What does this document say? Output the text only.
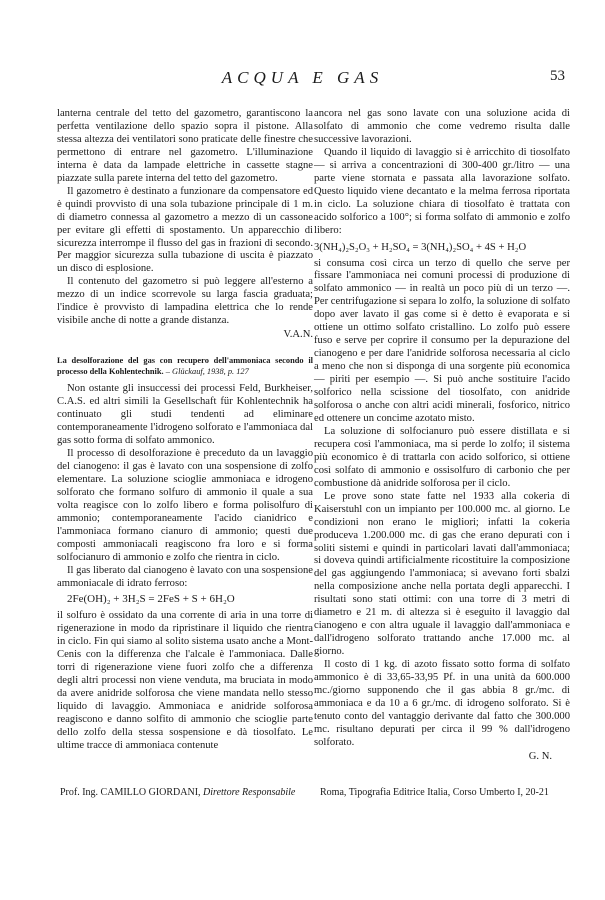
ACQUA E GAS	53

lanterna centrale del tetto del gazometro, garantiscono la perfetta ventilazione dello spazio sopra il pistone. Alla stessa altezza dei ventilatori sono praticate delle finestre che permettono di entrare nel gazometro. L'illuminazione interna è data da lampade elettriche in cassette stagne piazzate sulla parete interna del tetto del gazometro.

Il gazometro è destinato a funzionare da compensatore ed è quindi provvisto di una sola tubazione principale di 1 m. di diametro connessa al gazometro a mezzo di un cassone per evitare gli effetti di spostamento. Un apparecchio di sicurezza interrompe il flusso del gas in frazioni di secondo. Per maggior sicurezza sulla tubazione di uscita è piazzato un disco di esplosione.

Il contenuto del gazometro si può leggere all'esterno a mezzo di un indice scorrevole su larga fascia graduata; l'indice è provvisto di lampadina elettrica che lo rende visibile anche di notte a grande distanza.

V.A.N.
La desolforazione del gas con recupero dell'ammoniaca secondo il processo della Kohlentechnik. – Glückauf, 1938, p. 127

Non ostante gli insuccessi dei processi Feld, Burkheiser, C.A.S. ed altri simili la Gesellschaft für Kohlentechnik ha continuato gli studi tendenti ad eliminare contemporaneamente l'idrogeno solforato e l'ammoniaca dal gas sotto forma di solfato ammonico.

Il processo di desolforazione è preceduto da un lavaggio del cianogeno: il gas è lavato con una sospensione di zolfo elementare. La soluzione scioglie ammoniaca e idrogeno solforato che formano solfuro di ammonio il quale a sua volta reagisce con lo zolfo libero e forma polisolfuro di ammonio; contemporaneamente l'acido cianidrico e l'ammoniaca formano cianuro di ammonio; questi due composti ammoniacali reagiscono fra loro e si forma solfocianuro di ammonio e zolfo che rientra in ciclo.

Il gas liberato dal cianogeno è lavato con una sospensione ammoniacale di idrato ferroso:

2Fe(OH)₂ + 3H₂S = 2FeS + S + 6H₂O

il solfuro è ossidato da una corrente di aria in una torre di rigenerazione in modo da ripristinare il liquido che rientra in ciclo. Fin qui siamo al solito sistema usato anche a Mont-Cenis con la differenza che l'alcale è l'ammoniaca. Dalle torri di rigenerazione viene fuori zolfo che a differenza degli altri processi non viene venduta, ma bruciata in modo da avere anidride solforosa che viene mandata nello stesso liquido di lavaggio. Ammoniaca e anidride solforosa reagiscono e danno solfito di ammonio che scioglie parte dello zolfo della stessa sospensione e dà tiosolfato. Le ultime tracce di ammoniaca contenute

ancora nel gas sono lavate con una soluzione acida di solfato di ammonio che come vedremo risulta dalle successive lavorazioni.

Quando il liquido di lavaggio si è arricchito di tiosolfato — si arriva a concentrazioni di 300-400 gr./litro — una parte viene stornata e passata alla lavorazione solfato. Questo liquido viene decantato e la melma ferrosa riportata in ciclo. La soluzione chiara di tiosolfato è trattata con acido solforico a 100°; si forma solfato di ammonio e zolfo libero:

3(NH₄)₂S₂O₃ + H₂SO₄ = 3(NH₄)₂SO₄ + 4S + H₂O

si consuma così circa un terzo di quello che serve per fissare l'ammoniaca nei comuni processi di produzione di solfato ammonico — in realtà un poco più di un terzo —. Per centrifugazione si separa lo zolfo, la soluzione di solfato dopo aver lavato il gas come si è detto è evaporata e si ottiene un ottimo solfato cristallino. Lo zolfo può essere fuso e serve per coprire il consumo per la depurazione del cianogeno e per dare l'anidride solforosa necessaria al ciclo a meno che non si disponga di una sorgente più economica — piriti per esempio —. Si può anche sostituire l'acido solforico nella scissione del tiosolfato, con anidride solforosa o anche con altri acidi minerali, fosforico, nitrico ed ottenere un concime azotato misto.

La soluzione di solfocianuro può essere distillata e si recupera così l'ammoniaca, ma si perde lo zolfo; il sistema più economico è di trattarla con acido solforico, si ottiene così solfato di ammonio e ossisolfuro di carbonio che per combustione dà anidride solforosa per il ciclo.

Le prove sono state fatte nel 1933 alla cokeria di Kaiserstuhl con un impianto per 100.000 mc. al giorno. Le condizioni non erano le migliori; infatti la cokeria produceva 1.200.000 mc. di gas che erano depurati con i soliti sistemi e quindi in particolari lavati dall'ammoniaca; si doveva quindi artificialmente ricostituire la composizione del gas aggiungendo l'ammoniaca; si avevano forti sbalzi nella composizione anche nella portata degli apparecchi. I risultati sono stati ottimi: con una torre di 3 metri di diametro e 21 m. di altezza si è eseguito il lavaggio dal cianogeno e con altra uguale il lavaggio dall'ammoniaca e dall'idrogeno solforato trattando anche 17.000 mc. al giorno.

Il costo di 1 kg. di azoto fissato sotto forma di solfato ammonico è di 33,65-33,95 Pf. in una unità da 600.000 mc./giorno supponendo che il gas abbia 8 gr./mc. di ammoniaca e da 10 a 6 gr./mc. di idrogeno solforato. Si è tenuto conto del vantaggio derivante dal fatto che 300.000 mc. risultano depurati per circa il 99 % dall'idrogeno solforato.

G. N.
Prof. Ing. CAMILLO GIORDANI, Direttore Responsabile Roma, Tipografia Editrice Italia, Corso Umberto I, 20-21
